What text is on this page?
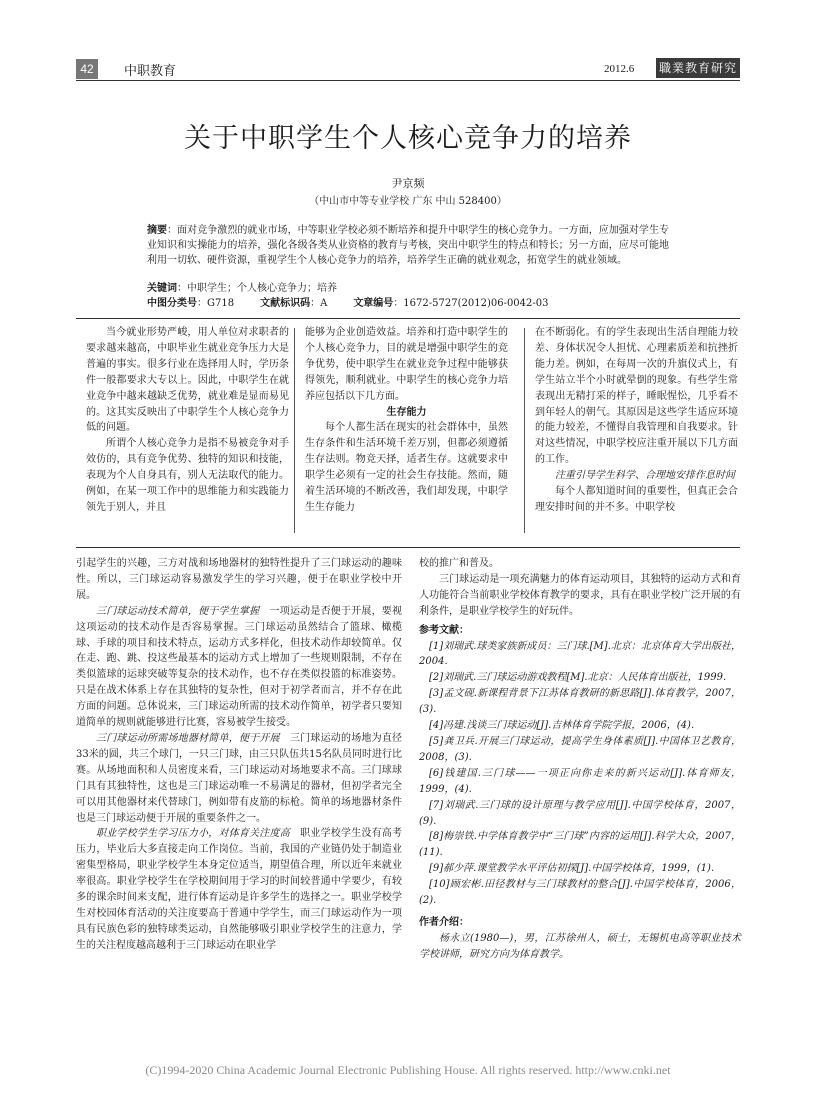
42	中职教育	2012.6 職業教育研究
关于中职学生个人核心竞争力的培养
尹京频
（中山市中等专业学校 广东 中山 528400）
摘要：面对竞争激烈的就业市场，中等职业学校必须不断培养和提升中职学生的核心竞争力。一方面，应加强对学生专业知识和实操能力的培养，强化各级各类从业资格的教育与考核，突出中职学生的特点和特长；另一方面，应尽可能地利用一切软、硬件资源，重视学生个人核心竞争力的培养，培养学生正确的就业观念，拓宽学生的就业领域。
关键词：中职学生；个人核心竞争力；培养
中图分类号：G718	文献标识码：A	文章编号：1672-5727(2012)06-0042-03

当今就业形势严峻，用人单位对求职者的要求越来越高，中职毕业生就业竞争压力大是普遍的事实。很多行业在选择用人时，学历条件一般都要求大专以上。因此，中职学生在就业竞争中越来越缺乏优势，就业难是显而易见的。这其实反映出了中职学生个人核心竞争力低的问题。

所谓个人核心竞争力是指不易被竞争对手效仿的，具有竞争优势、独特的知识和技能，表现为个人自身具有，别人无法取代的能力。例如，在某一项工作中的思维能力和实践能力领先于别人，并且

能够为企业创造效益。培养和打造中职学生的个人核心竞争力，目的就是增强中职学生的竞争优势，使中职学生在就业竞争过程中能够获得领先，顺利就业。中职学生的核心竞争力培养应包括以下几方面。

生存能力

每个人都生活在现实的社会群体中，虽然生存条件和生活环境千差万别，但都必须遵循生存法则。物竞天择，适者生存。这就要求中职学生必须有一定的社会生存技能。然而，随着生活环境的不断改善，我们却发现，中职学生生存能力

在不断弱化。有的学生表现出生活自理能力较差、身体状况令人担忧、心理素质差和抗挫折能力差。例如，在每周一次的升旗仪式上，有学生站立半个小时就晕倒的现象。有些学生常表现出无精打采的样子，睡眠惺忪，几乎看不到年轻人的朝气。其原因是这些学生适应环境的能力较差，不懂得自我管理和自我要求。针对这些情况，中职学校应注重开展以下几方面的工作。

注重引导学生科学、合理地安排作息时间

每个人都知道时间的重要性，但真正会合理安排时间的并不多。中职学校

引起学生的兴趣，三方对战和场地器材的独特性提升了三门球运动的趣味性。所以，三门球运动容易激发学生的学习兴趣，便于在职业学校中开展。

三门球运动技术简单，便于学生掌握　 一项运动是否便于开展，要视这项运动的技术动作是否容易掌握。三门球运动虽然结合了篮球、橄榄球、手球的项目和技术特点，运动方式多样化，但技术动作却较简单。仅在走、跑、跳、投这些最基本的运动方式上增加了一些规则限制，不存在类似篮球的运球突破等复杂的技术动作，也不存在类似投篮的标准姿势。只是在战术体系上存在其独特的复杂性，但对于初学者而言，并不存在此方面的问题。总体说来，三门球运动所需的技术动作简单，初学者只要知道简单的规则就能够进行比赛，容易被学生接受。

三门球运动所需场地器材简单，便于开展　 三门球运动的场地为直径33米的圆，共三个球门，一只三门球，由三只队伍共15名队员同时进行比赛。从场地面积和人员密度来看，三门球运动对场地要求不高。三门球球门具有其独特性，这也是三门球运动唯一不易满足的器材，但初学者完全可以用其他器材来代替球门，例如带有皮筋的标枪。简单的场地器材条件也是三门球运动便于开展的重要条件之一。

职业学校学生学习压力小，对体育关注度高　 职业学校学生没有高考压力，毕业后大多直接走向工作岗位。当前，我国的产业链仍处于制造业密集型格局，职业学校学生本身定位适当，期望值合理，所以近年来就业率很高。职业学校学生在学校期间用于学习的时间较普通中学要少，有较多的课余时间来支配，进行体育运动是许多学生的选择之一。职业学校学生对校园体育活动的关注度要高于普通中学学生，而三门球运动作为一项具有民族色彩的独特球类运动，自然能够吸引职业学校学生的注意力，学生的关注程度越高越利于三门球运动在职业学

校的推广和普及。

三门球运动是一项充满魅力的体育运动项目，其独特的运动方式和育人功能符合当前职业学校体育教学的要求，具有在职业学校广泛开展的有利条件，是职业学校学生的好玩伴。

参考文献：

[1]刘瑞武.球类家族新成员：三门球.[M].北京：北京体育大学出版社，2004.

[2]刘瑞武.三门球运动游戏教程[M].北京：人民体育出版社，1999.

[3]孟文砚.新课程背景下江苏体育教研的新思路[J].体育教学，2007，(3).

[4]冯建.浅谈三门球运动[J].吉林体育学院学报，2006，(4).

[5]龚卫兵.开展三门球运动，提高学生身体素质[J].中国体卫艺教育，2008，(3).

[6]钱建国.三门球——一项正向你走来的新兴运动[J].体育师友，1999，(4).

[7]刘瑞武.三门球的设计原理与教学应用[J].中国学校体育，2007，(9).

[8]梅崇铁.中学体育教学中“三门球”内容的运用[J].科学大众，2007，(11).

[9]郝少萍.课堂教学水平评估初探[J].中国学校体育，1999，(1).

[10]顾宏彬.田径教材与三门球教材的整合[J].中国学校体育，2006，(2).

作者介绍：

杨永立(1980—)，男，江苏徐州人，硕士，无锡机电高等职业技术学校讲师，研究方向为体育教学。

(C)1994-2020 China Academic Journal Electronic Publishing House. All rights reserved. http://www.cnki.net
